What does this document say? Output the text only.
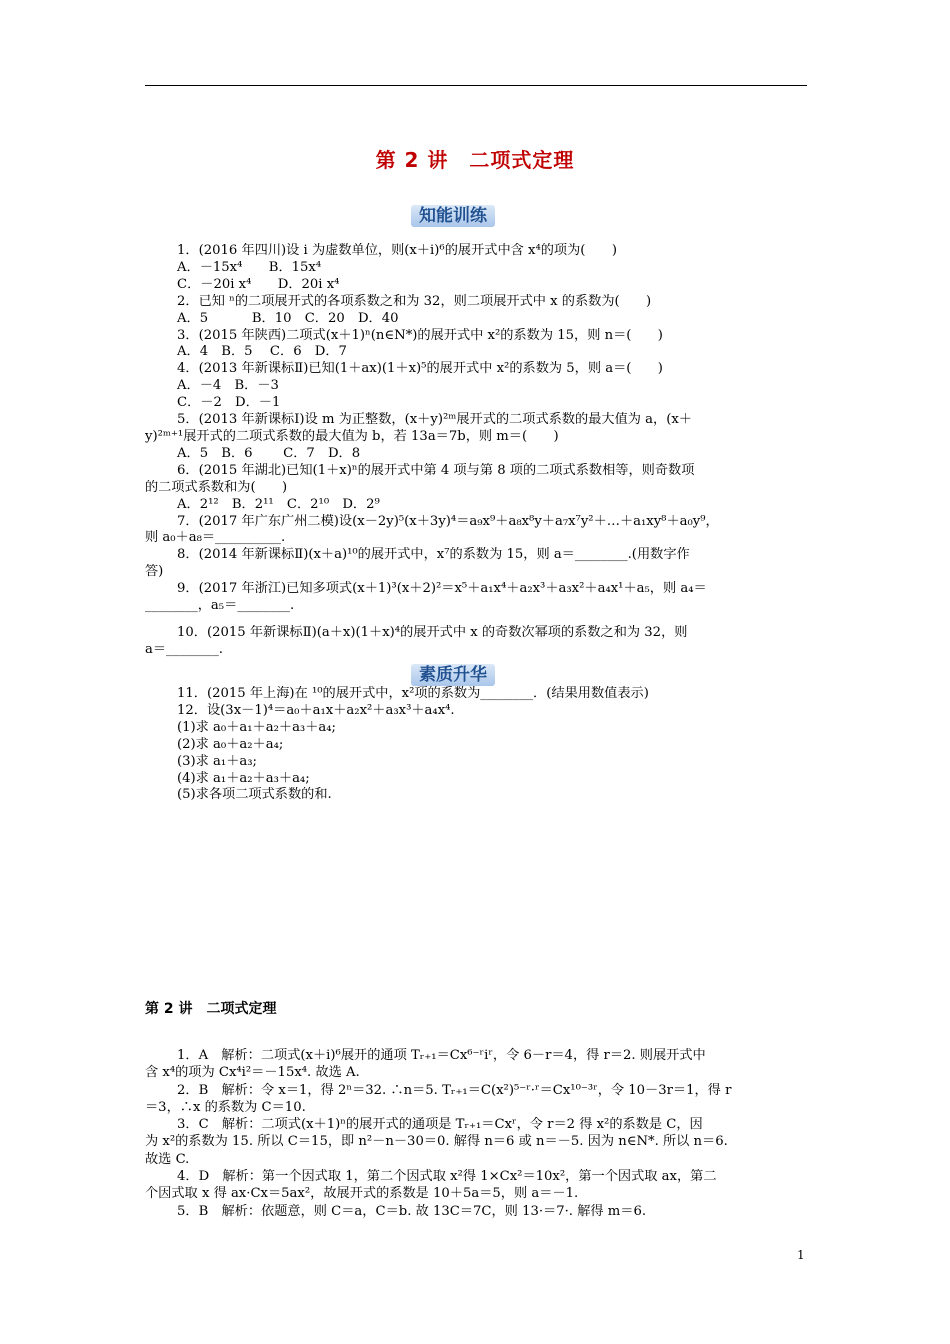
第 2 讲　二项式定理
知能训练
1．(2016 年四川)设 i 为虚数单位，则(x＋i)⁶的展开式中含 x⁴的项为(　　)
A．－15x⁴　　B．15x⁴
C．－20i x⁴　　D．20i x⁴
2．已知 ⁿ的二项展开式的各项系数之和为 32，则二项展开式中 x 的系数为(　　)
A．5　　　 B．10　C．20　D．40
3．(2015 年陕西)二项式(x＋1)ⁿ(n∈N*)的展开式中 x²的系数为 15，则 n＝(　　)
A．4　B．5　 C．6　D．7
4．(2013 年新课标Ⅱ)已知(1＋ax)(1＋x)⁵的展开式中 x²的系数为 5，则 a＝(　　)
A．－4　B．－3
C．－2　D．－1
5．(2013 年新课标Ⅰ)设 m 为正整数，(x＋y)²ᵐ展开式的二项式系数的最大值为 a，(x＋
y)²ᵐ⁺¹展开式的二项式系数的最大值为 b，若 13a＝7b，则 m＝(　　)
A．5　B．6　　 C．7　D．8
6．(2015 年湖北)已知(1＋x)ⁿ的展开式中第 4 项与第 8 项的二项式系数相等，则奇数项
的二项式系数和为(　　)
A．2¹²　B．2¹¹　C．2¹⁰　D．2⁹
7．(2017 年广东广州二模)设(x－2y)⁵(x＋3y)⁴＝a₉x⁹＋a₈x⁸y＋a₇x⁷y²＋…＋a₁xy⁸＋a₀y⁹，
则 a₀＋a₈＝__________.
8．(2014 年新课标Ⅱ)(x＋a)¹⁰的展开式中，x⁷的系数为 15，则 a＝________.(用数字作
答)
9．(2017 年浙江)已知多项式(x＋1)³(x＋2)²＝x⁵＋a₁x⁴＋a₂x³＋a₃x²＋a₄x¹＋a₅，则 a₄＝
________，a₅＝________.
10．(2015 年新课标Ⅱ)(a＋x)(1＋x)⁴的展开式中 x 的奇数次幂项的系数之和为 32，则
a＝________.
素质升华
11．(2015 年上海)在 ¹⁰的展开式中，x²项的系数为________．(结果用数值表示)
12．设(3x－1)⁴＝a₀＋a₁x＋a₂x²＋a₃x³＋a₄x⁴.
(1)求 a₀＋a₁＋a₂＋a₃＋a₄;
(2)求 a₀＋a₂＋a₄;
(3)求 a₁＋a₃;
(4)求 a₁＋a₂＋a₃＋a₄;
(5)求各项二项式系数的和.
第 2 讲　二项式定理
1．A　解析：二项式(x＋i)⁶展开的通项 Tᵣ₊₁＝Cx⁶⁻ʳiʳ，令 6－r＝4，得 r＝2. 则展开式中
含 x⁴的项为 Cx⁴i²＝－15x⁴. 故选 A.
2．B　解析：令 x＝1，得 2ⁿ＝32. ∴n＝5. Tᵣ₊₁＝C(x²)⁵⁻ʳ·ʳ＝Cx¹⁰⁻³ʳ，令 10－3r＝1，得 r
＝3，∴x 的系数为 C＝10.
3．C　解析：二项式(x＋1)ⁿ的展开式的通项是 Tᵣ₊₁＝Cxʳ，令 r＝2 得 x²的系数是 C，因
为 x²的系数为 15. 所以 C＝15，即 n²－n－30＝0. 解得 n＝6 或 n＝－5. 因为 n∈N*. 所以 n＝6.
故选 C.
4．D　解析：第一个因式取 1，第二个因式取 x²得 1×Cx²＝10x²，第一个因式取 ax，第二
个因式取 x 得 ax·Cx＝5ax²，故展开式的系数是 10＋5a＝5，则 a＝－1.
5．B　解析：依题意，则 C＝a，C＝b. 故 13C＝7C，则 13·＝7·. 解得 m＝6.
1
